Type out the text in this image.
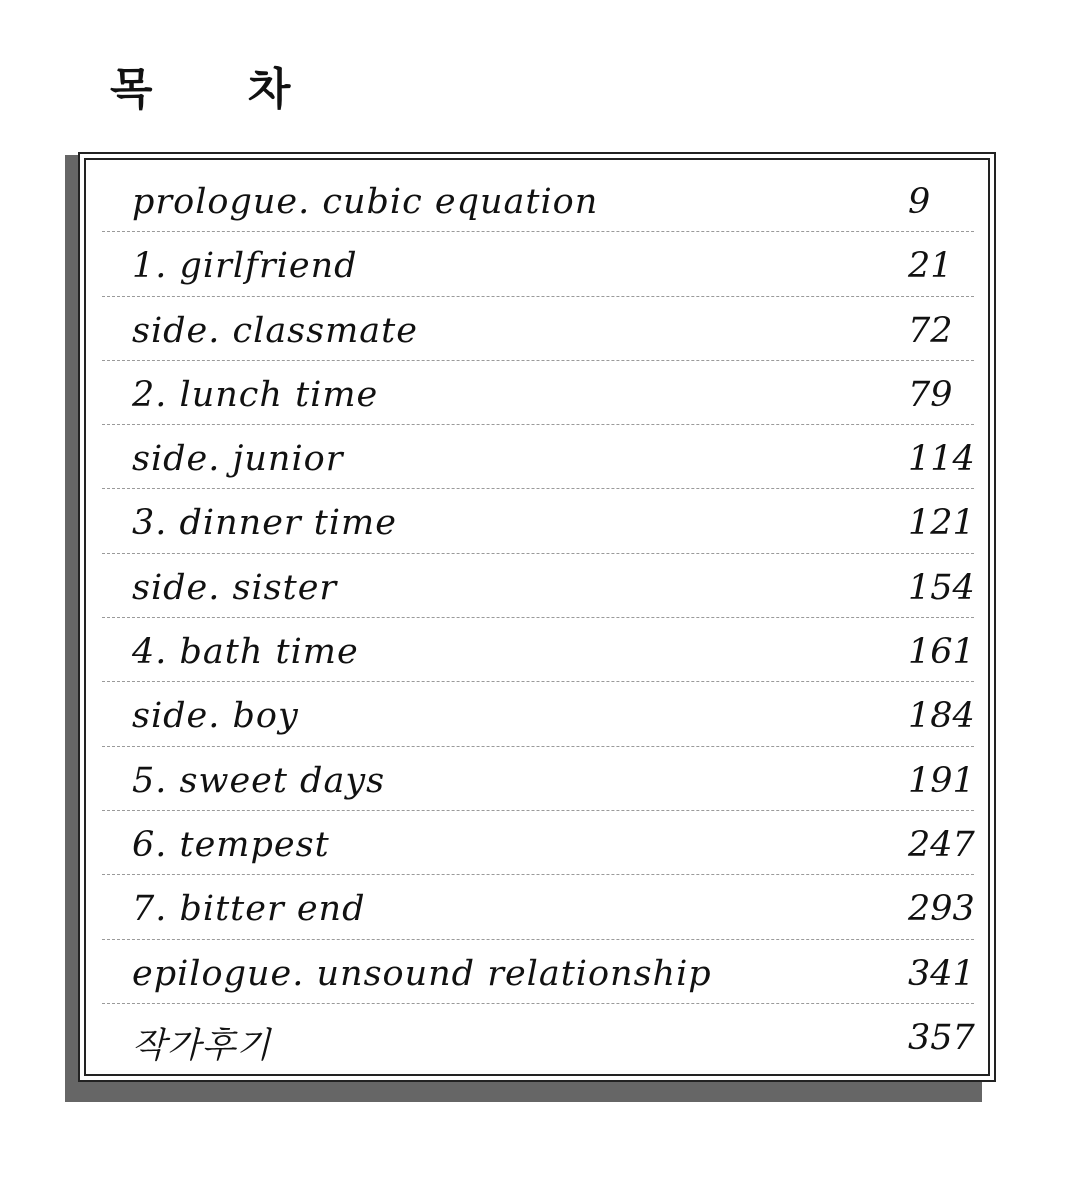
목 차
prologue. cubic equation	9
1. girlfriend	21
side. classmate	72
2. lunch time	79
side. junior	114
3. dinner time	121
side. sister	154
4. bath time	161
side. boy	184
5. sweet days	191
6. tempest	247
7. bitter end	293
epilogue. unsound relationship	341
작가후기	357
